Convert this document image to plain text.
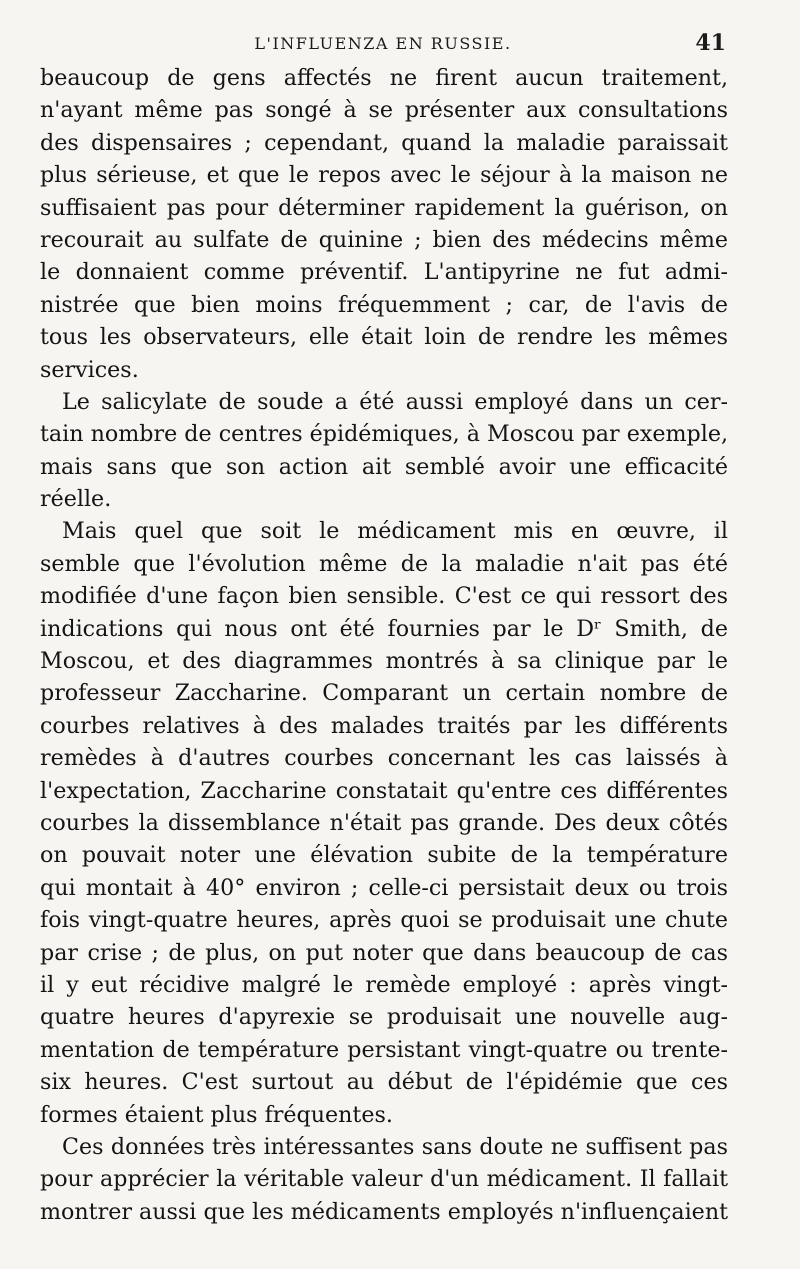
L'INFLUENZA EN RUSSIE.	41
beaucoup de gens affectés ne firent aucun traitement,
n'ayant même pas songé à se présenter aux consultations
des dispensaires ; cependant, quand la maladie paraissait
plus sérieuse, et que le repos avec le séjour à la maison ne
suffisaient pas pour déterminer rapidement la guérison, on
recourait au sulfate de quinine ; bien des médecins même
le donnaient comme préventif. L'antipyrine ne fut admi-
nistrée que bien moins fréquemment ; car, de l'avis de
tous les observateurs, elle était loin de rendre les mêmes
services.
Le salicylate de soude a été aussi employé dans un cer-
tain nombre de centres épidémiques, à Moscou par exemple,
mais sans que son action ait semblé avoir une efficacité
réelle.
Mais quel que soit le médicament mis en œuvre, il
semble que l'évolution même de la maladie n'ait pas été
modifiée d'une façon bien sensible. C'est ce qui ressort des
indications qui nous ont été fournies par le Dʳ Smith, de
Moscou, et des diagrammes montrés à sa clinique par le
professeur Zaccharine. Comparant un certain nombre de
courbes relatives à des malades traités par les différents
remèdes à d'autres courbes concernant les cas laissés à
l'expectation, Zaccharine constatait qu'entre ces différentes
courbes la dissemblance n'était pas grande. Des deux côtés
on pouvait noter une élévation subite de la température
qui montait à 40° environ ; celle-ci persistait deux ou trois
fois vingt-quatre heures, après quoi se produisait une chute
par crise ; de plus, on put noter que dans beaucoup de cas
il y eut récidive malgré le remède employé : après vingt-
quatre heures d'apyrexie se produisait une nouvelle aug-
mentation de température persistant vingt-quatre ou trente-
six heures. C'est surtout au début de l'épidémie que ces
formes étaient plus fréquentes.
Ces données très intéressantes sans doute ne suffisent pas
pour apprécier la véritable valeur d'un médicament. Il fallait
montrer aussi que les médicaments employés n'influençaient
